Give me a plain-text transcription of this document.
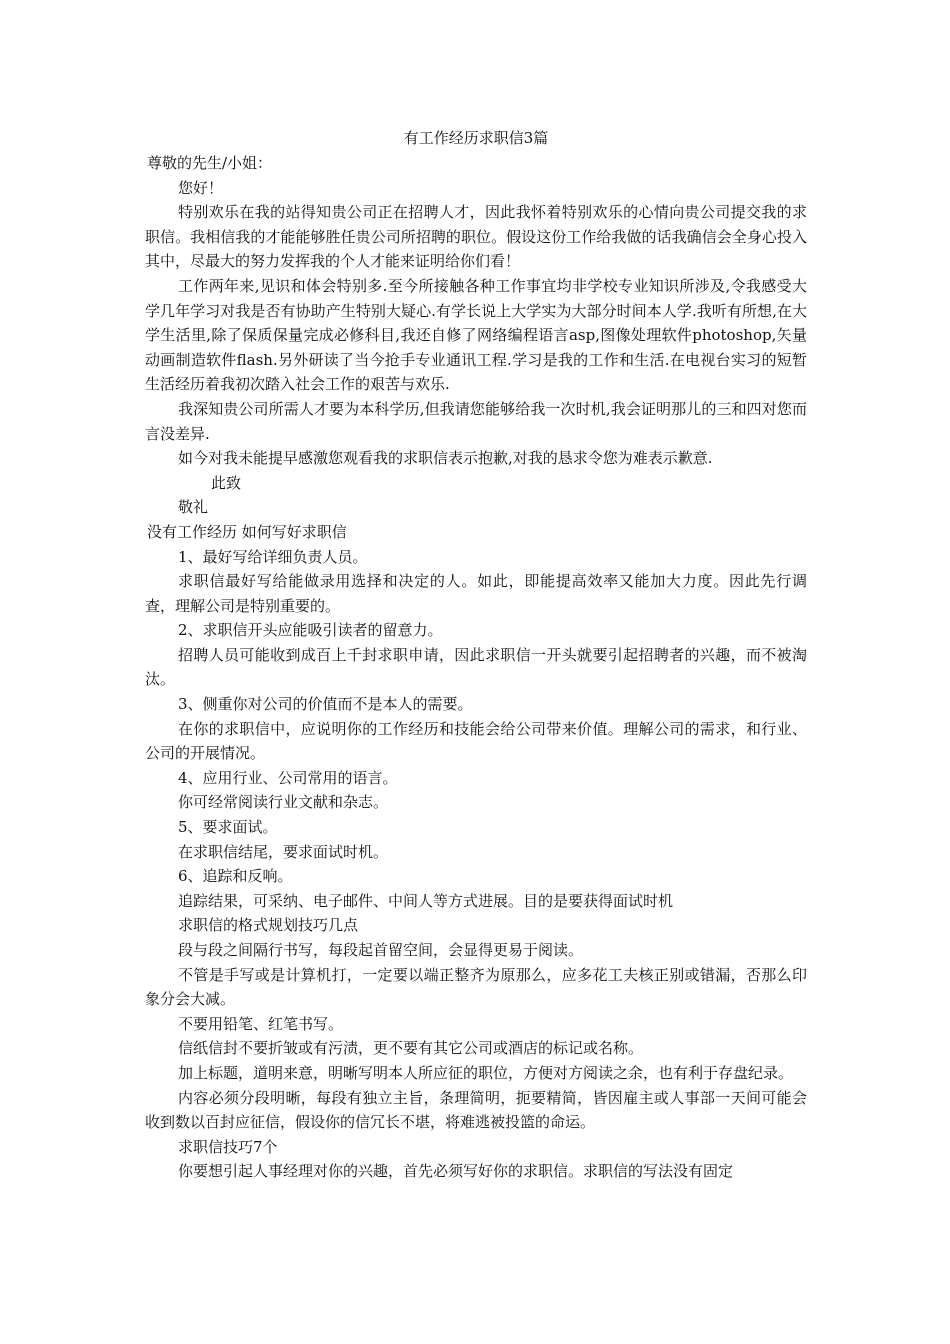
有工作经历求职信3篇

尊敬的先生/小姐：

您好！

特别欢乐在我的站得知贵公司正在招聘人才，因此我怀着特别欢乐的心情向贵公司提交我的求职信。我相信我的才能能够胜任贵公司所招聘的职位。假设这份工作给我做的话我确信会全身心投入其中，尽最大的努力发挥我的个人才能来证明给你们看！

工作两年来,见识和体会特别多.至今所接触各种工作事宜均非学校专业知识所涉及,令我感受大学几年学习对我是否有协助产生特别大疑心.有学长说上大学实为大部分时间本人学.我听有所想,在大学生活里,除了保质保量完成必修科目,我还自修了网络编程语言asp,图像处理软件photoshop,矢量动画制造软件flash.另外研读了当今抢手专业通讯工程.学习是我的工作和生活.在电视台实习的短暂生活经历着我初次踏入社会工作的艰苦与欢乐.

我深知贵公司所需人才要为本科学历,但我请您能够给我一次时机,我会证明那儿的三和四对您而言没差异.

如今对我未能提早感激您观看我的求职信表示抱歉,对我的恳求令您为难表示歉意.

此致

敬礼

没有工作经历 如何写好求职信

1、最好写给详细负责人员。

求职信最好写给能做录用选择和决定的人。如此，即能提高效率又能加大力度。因此先行调查，理解公司是特别重要的。

2、求职信开头应能吸引读者的留意力。

招聘人员可能收到成百上千封求职申请，因此求职信一开头就要引起招聘者的兴趣，而不被淘汰。

3、侧重你对公司的价值而不是本人的需要。

在你的求职信中，应说明你的工作经历和技能会给公司带来价值。理解公司的需求，和行业、公司的开展情况。

4、应用行业、公司常用的语言。

你可经常阅读行业文献和杂志。

5、要求面试。

在求职信结尾，要求面试时机。

6、追踪和反响。

追踪结果，可采纳、电子邮件、中间人等方式进展。目的是要获得面试时机

求职信的格式规划技巧几点

段与段之间隔行书写，每段起首留空间，会显得更易于阅读。

不管是手写或是计算机打，一定要以端正整齐为原那么，应多花工夫核正别或错漏，否那么印象分会大减。

不要用铅笔、红笔书写。

信纸信封不要折皱或有污渍，更不要有其它公司或酒店的标记或名称。

加上标题，道明来意，明晰写明本人所应征的职位，方便对方阅读之余，也有利于存盘纪录。

内容必须分段明晰，每段有独立主旨，条理简明，扼要精简，皆因雇主或人事部一天间可能会收到数以百封应征信，假设你的信冗长不堪，将难逃被投篮的命运。

求职信技巧7个

你要想引起人事经理对你的兴趣，首先必须写好你的求职信。求职信的写法没有固定
